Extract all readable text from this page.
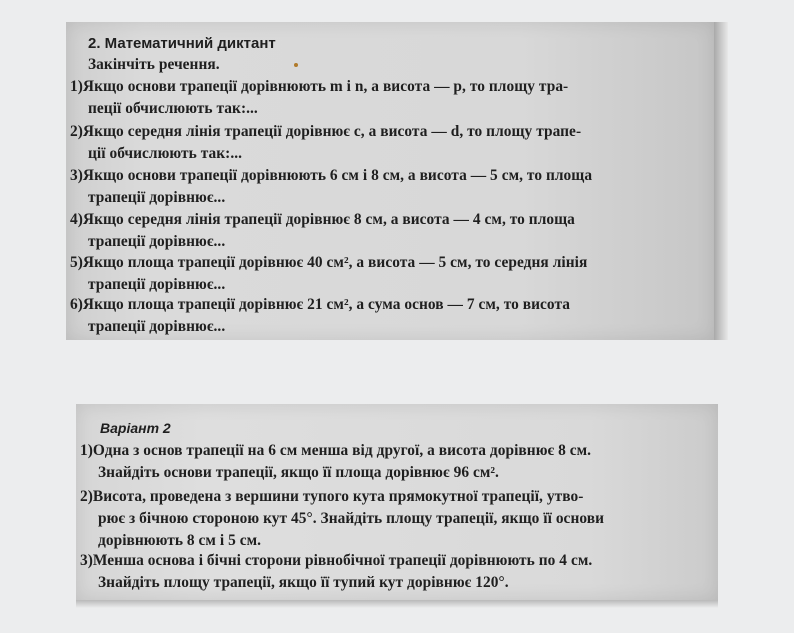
2. Математичний диктант
Закінчіть речення.
1)Якщо основи трапеції дорівнюють m і n, а висота — p, то площу тра-
пеції обчислюють так:...
2)Якщо середня лінія трапеції дорівнює c, а висота — d, то площу трапе-
ції обчислюють так:...
3)Якщо основи трапеції дорівнюють 6 см і 8 см, а висота — 5 см, то площа
трапеції дорівнює...
4)Якщо середня лінія трапеції дорівнює 8 см, а висота — 4 см, то площа
трапеції дорівнює...
5)Якщо площа трапеції дорівнює 40 см², а висота — 5 см, то середня лінія
трапеції дорівнює...
6)Якщо площа трапеції дорівнює 21 см², а сума основ — 7 см, то висота
трапеції дорівнює...
Варіант 2
1)Одна з основ трапеції на 6 см менша від другої, а висота дорівнює 8 см.
Знайдіть основи трапеції, якщо її площа дорівнює 96 см².
2)Висота, проведена з вершини тупого кута прямокутної трапеції, утво-
рює з бічною стороною кут 45°. Знайдіть площу трапеції, якщо її основи
дорівнюють 8 см і 5 см.
3)Менша основа і бічні сторони рівнобічної трапеції дорівнюють по 4 см.
Знайдіть площу трапеції, якщо її тупий кут дорівнює 120°.
